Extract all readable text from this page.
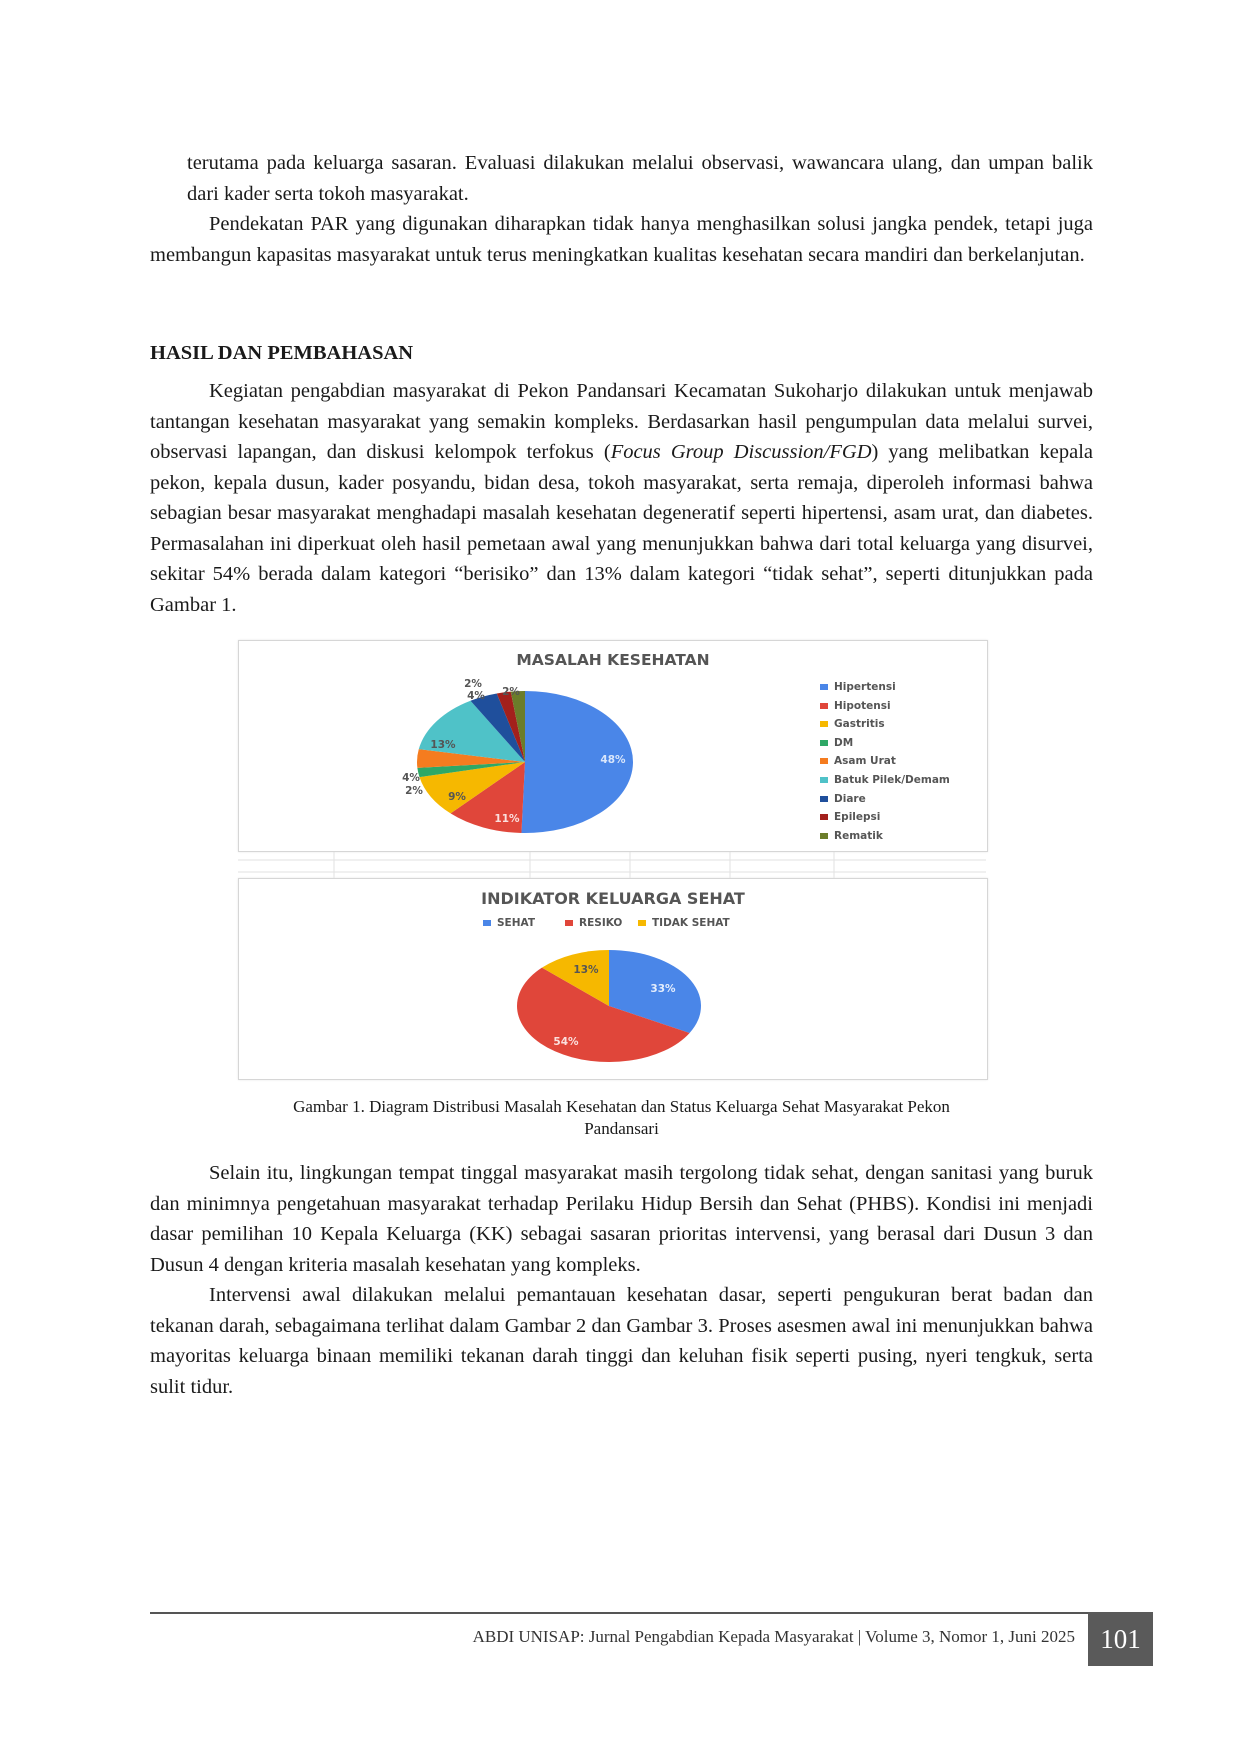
terutama pada keluarga sasaran. Evaluasi dilakukan melalui observasi, wawancara ulang, dan umpan balik dari kader serta tokoh masyarakat.

Pendekatan PAR yang digunakan diharapkan tidak hanya menghasilkan solusi jangka pendek, tetapi juga membangun kapasitas masyarakat untuk terus meningkatkan kualitas kesehatan secara mandiri dan berkelanjutan.

HASIL DAN PEMBAHASAN

Kegiatan pengabdian masyarakat di Pekon Pandansari Kecamatan Sukoharjo dilakukan untuk menjawab tantangan kesehatan masyarakat yang semakin kompleks. Berdasarkan hasil pengumpulan data melalui survei, observasi lapangan, dan diskusi kelompok terfokus (Focus Group Discussion/FGD) yang melibatkan kepala pekon, kepala dusun, kader posyandu, bidan desa, tokoh masyarakat, serta remaja, diperoleh informasi bahwa sebagian besar masyarakat menghadapi masalah kesehatan degeneratif seperti hipertensi, asam urat, dan diabetes. Permasalahan ini diperkuat oleh hasil pemetaan awal yang menunjukkan bahwa dari total keluarga yang disurvei, sekitar 54% berada dalam kategori “berisiko” dan 13% dalam kategori “tidak sehat”, seperti ditunjukkan pada Gambar 1.

MASALAH KESEHATAN
48%
11%
9%
2%
4%
13%
4%
2%
2%	Hipertensi
Hipotensi
Gastritis
DM
Asam Urat
Batuk Pilek/Demam
Diare
Epilepsi
Rematik
INDIKATOR KELUARGA SEHAT
SEHAT	RESIKO	TIDAK SEHAT
33%
54%
13%

Gambar 1. Diagram Distribusi Masalah Kesehatan dan Status Keluarga Sehat Masyarakat Pekon
Pandansari

Selain itu, lingkungan tempat tinggal masyarakat masih tergolong tidak sehat, dengan sanitasi yang buruk dan minimnya pengetahuan masyarakat terhadap Perilaku Hidup Bersih dan Sehat (PHBS). Kondisi ini menjadi dasar pemilihan 10 Kepala Keluarga (KK) sebagai sasaran prioritas intervensi, yang berasal dari Dusun 3 dan Dusun 4 dengan kriteria masalah kesehatan yang kompleks.

Intervensi awal dilakukan melalui pemantauan kesehatan dasar, seperti pengukuran berat badan dan tekanan darah, sebagaimana terlihat dalam Gambar 2 dan Gambar 3. Proses asesmen awal ini menunjukkan bahwa mayoritas keluarga binaan memiliki tekanan darah tinggi dan keluhan fisik seperti pusing, nyeri tengkuk, serta sulit tidur.

ABDI UNISAP: Jurnal Pengabdian Kepada Masyarakat | Volume 3, Nomor 1, Juni 2025 101
